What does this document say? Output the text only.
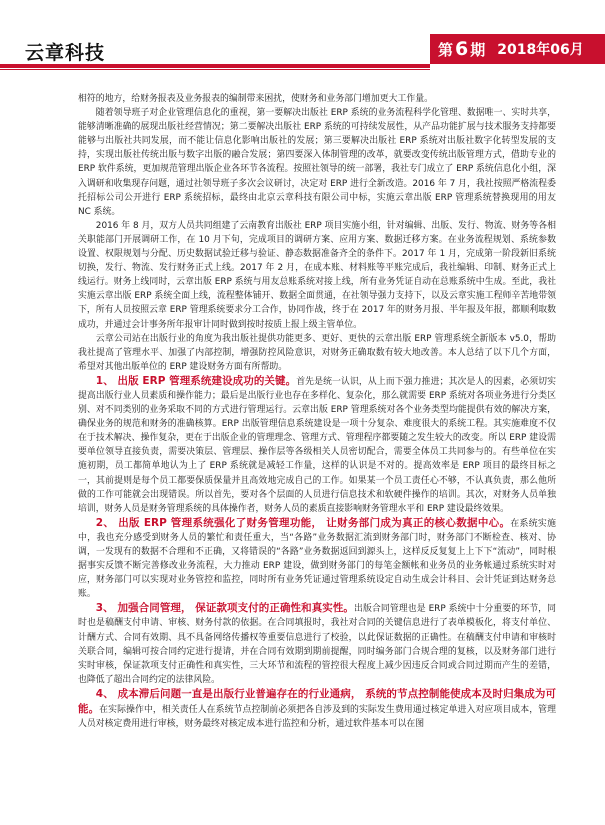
云章科技	第 6 期 2018年06月

相符的地方，给财务报表及业务报表的编制带来困扰，使财务和业务部门增加更大工作量。

随着领导班子对企业管理信息化的重视，第一要解决出版社 ERP 系统的业务流程科学化管理、数据唯一、实时共享，能够清晰准确的展现出版社经营情况；第二要解决出版社 ERP 系统的可持续发展性，从产品功能扩展与技术服务支持都要能够与出版社共同发展，而不能让信息化影响出版社的发展；第三要解决出版社 ERP 系统对出版社数字化转型发展的支持，实现出版社传统出版与数字出版的融合发展；第四要深入体制管理的改革，就要改变传统出版管理方式，借助专业的 ERP 软件系统，更加规范管理出版企业各环节各流程。按照社领导的统一部署，我社专门成立了 ERP 系统信息化小组，深入调研和收集现存问题，通过社领导班子多次会议研讨，决定对 ERP 进行全新改造。2016 年 7 月，我社按照严格流程委托招标公司公开进行 ERP 系统招标，最终由北京云章科技有限公司中标，实施云章出版 ERP 管理系统替换现用的用友 NC 系统。

2016 年 8 月，双方人员共同组建了云南教育出版社 ERP 项目实施小组，针对编辑、出版、发行、物流、财务等各相关职能部门开展调研工作，在 10 月下旬，完成项目的调研方案、应用方案、数据迁移方案。在业务流程规划、系统参数设置、权限规划与分配、历史数据试验迁移与验证、静态数据准备齐全的条件下。2017 年 1 月，完成第一阶段新旧系统切换，发行、物流、发行财务正式上线。2017 年 2 月，在成本账、材料账等平账完成后，我社编辑、印制、财务正式上线运行。财务上线同时，云章出版 ERP 系统与用友总账系统对接上线，所有业务凭证自动在总账系统中生成。至此，我社实施云章出版 ERP 系统全面上线，流程整体铺开、数据全面贯通，在社领导强力支持下，以及云章实施工程师辛苦地带领下，所有人员按照云章 ERP 管理系统要求分工合作，协同作战，终于在 2017 年的财务月报、半年报及年报，都顺利取数成功，并通过会计事务所年报审计同时做到按时按质上报上级主管单位。

云章公司站在出版行业的角度为我出版社提供功能更多、更好、更快的云章出版 ERP 管理系统全新版本 v5.0，帮助我社提高了管理水平、加强了内部控制，增强防控风险意识，对财务正确取数有较大地改善。本人总结了以下几个方面，希望对其他出版单位的 ERP 建设财务方面有所帮助。

1、 出版 ERP 管理系统建设成功的关键。首先是统一认识，从上而下强力推进；其次是人的因素，必须切实提高出版行业人员素质和操作能力；最后是出版行业也存在多样化、复杂化，那么就需要 ERP 系统对各项业务进行分类区别、对不同类别的业务采取不同的方式进行管理运行。云章出版 ERP 管理系统对各个业务类型均能提供有效的解决方案，确保业务的规范和财务的准确核算。ERP 出版管理信息系统建设是一项十分复杂、难度很大的系统工程。其实施难度不仅在于技术解决、操作复杂，更在于出版企业的管理理念、管理方式、管理程序都要随之发生较大的改变。所以 ERP 建设需要单位领导直接负责，需要决策层、管理层、操作层等各级相关人员密切配合，需要全体员工共同参与的。有些单位在实施初期，员工都简单地认为上了 ERP 系统就是减轻工作量，这样的认识是不对的。提高效率是 ERP 项目的最终目标之一，其前提则是每个员工都要保质保量并且高效地完成自己的工作。如果某一个员工责任心不够，不认真负责，那么他所做的工作可能就会出现错误。所以首先，要对各个层面的人员进行信息技术和软硬件操作的培训。其次，对财务人员单独培训，财务人员是财务管理系统的具体操作者，财务人员的素质直接影响财务管理水平和 ERP 建设最终效果。

2、 出版 ERP 管理系统强化了财务管理功能， 让财务部门成为真正的核心数据中心。在系统实施中，我也充分感受到财务人员的繁忙和责任重大，当“各路”业务数据汇流到财务部门时，财务部门不断检查、核对、协调，一发现有的数据不合理和不正确，又将错误的“各路”业务数据返回到源头上，这样反反复复上上下下“流动”，同时根据事实反馈不断完善修改业务流程，大力推动 ERP 建设，做到财务部门的每笔金额帐和业务员的业务帐通过系统实时对应，财务部门可以实现对业务管控和监控，同时所有业务凭证通过管理系统设定自动生成会计科目、会计凭证到达财务总账。

3、 加强合同管理， 保证款项支付的正确性和真实性。出版合同管理也是 ERP 系统中十分重要的环节，同时也是稿酬支付申请、审核、财务付款的依据。在合同填报时，我社对合同的关键信息进行了表单模板化，将支付单位、计酬方式、合同有效期、具不具备网络传播权等重要信息进行了校验，以此保证数据的正确性。在稿酬支付申请和审核时关联合同，编辑可按合同约定进行提请，并在合同有效期到期前提醒，同时编务部门合规合理的复核，以及财务部门进行实时审核，保证款项支付正确性和真实性，三大环节和流程的管控很大程度上减少因违反合同或合同过期而产生的差错，也降低了超出合同约定的法律风险。

4、 成本滞后问题一直是出版行业普遍存在的行业通病， 系统的节点控制能使成本及时归集成为可能。在实际操作中，相关责任人在系统节点控制前必须把各自涉及到的实际发生费用通过核定单进入对应项目成本，管理人员对核定费用进行审核，财务最终对核定成本进行监控和分析，通过软件基本可以在图
